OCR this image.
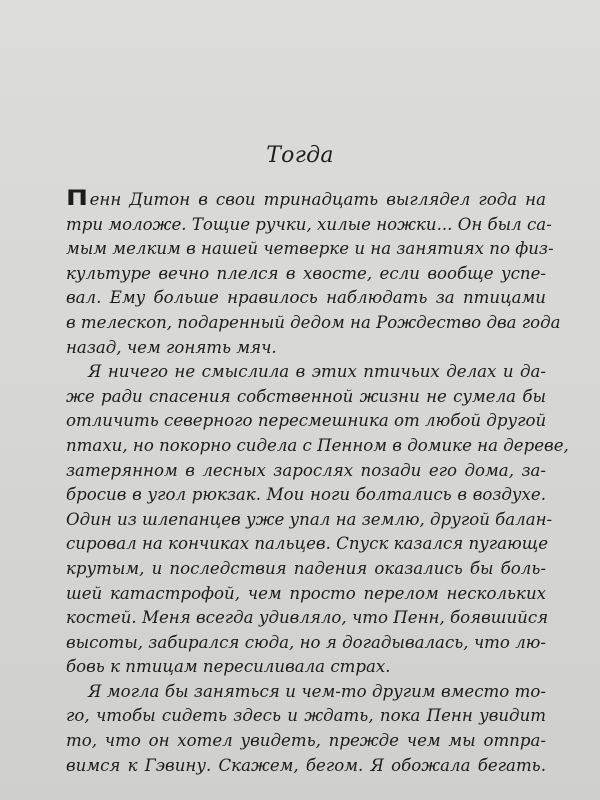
Тогда
Пенн Дитон в свои тринадцать выглядел года на
три моложе. Тощие ручки, хилые ножки... Он был са-
мым мелким в нашей четверке и на занятиях по физ-
культуре вечно плелся в хвосте, если вообще успе-
вал. Ему больше нравилось наблюдать за птицами
в телескоп, подаренный дедом на Рождество два года
назад, чем гонять мяч.
Я ничего не смыслила в этих птичьих делах и да-
же ради спасения собственной жизни не сумела бы
отличить северного пересмешника от любой другой
птахи, но покорно сидела с Пенном в домике на дереве,
затерянном в лесных зарослях позади его дома, за-
бросив в угол рюкзак. Мои ноги болтались в воздухе.
Один из шлепанцев уже упал на землю, другой балан-
сировал на кончиках пальцев. Спуск казался пугающе
крутым, и последствия падения оказались бы боль-
шей катастрофой, чем просто перелом нескольких
костей. Меня всегда удивляло, что Пенн, боявшийся
высоты, забирался сюда, но я догадывалась, что лю-
бовь к птицам пересиливала страх.
Я могла бы заняться и чем-то другим вместо то-
го, чтобы сидеть здесь и ждать, пока Пенн увидит
то, что он хотел увидеть, прежде чем мы отпра-
вимся к Гэвину. Скажем, бегом. Я обожала бегать.
